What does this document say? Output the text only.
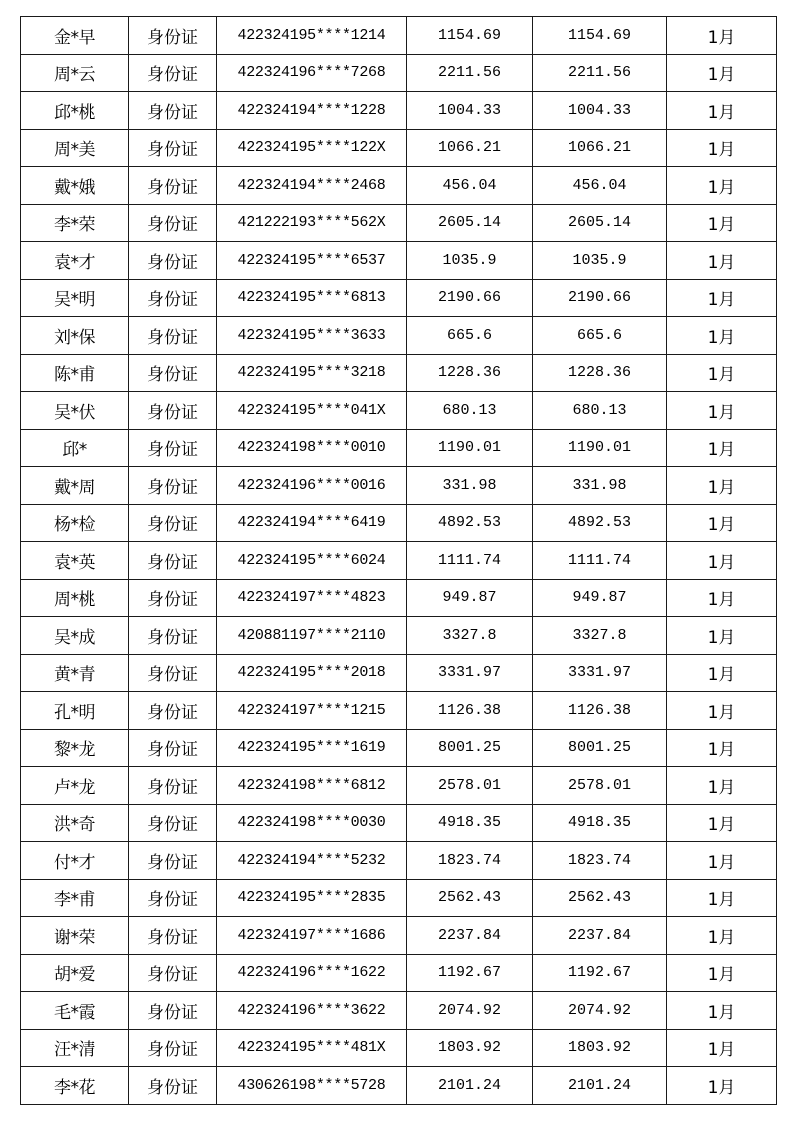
金*早	身份证	422324195****1214	1154.69	1154.69	1月
周*云	身份证	422324196****7268	2211.56	2211.56	1月
邱*桃	身份证	422324194****1228	1004.33	1004.33	1月
周*美	身份证	422324195****122X	1066.21	1066.21	1月
戴*娥	身份证	422324194****2468	456.04	456.04	1月
李*荣	身份证	421222193****562X	2605.14	2605.14	1月
袁*才	身份证	422324195****6537	1035.9	1035.9	1月
吴*明	身份证	422324195****6813	2190.66	2190.66	1月
刘*保	身份证	422324195****3633	665.6	665.6	1月
陈*甫	身份证	422324195****3218	1228.36	1228.36	1月
吴*伏	身份证	422324195****041X	680.13	680.13	1月
邱*	身份证	422324198****0010	1190.01	1190.01	1月
戴*周	身份证	422324196****0016	331.98	331.98	1月
杨*检	身份证	422324194****6419	4892.53	4892.53	1月
袁*英	身份证	422324195****6024	1111.74	1111.74	1月
周*桃	身份证	422324197****4823	949.87	949.87	1月
吴*成	身份证	420881197****2110	3327.8	3327.8	1月
黄*青	身份证	422324195****2018	3331.97	3331.97	1月
孔*明	身份证	422324197****1215	1126.38	1126.38	1月
黎*龙	身份证	422324195****1619	8001.25	8001.25	1月
卢*龙	身份证	422324198****6812	2578.01	2578.01	1月
洪*奇	身份证	422324198****0030	4918.35	4918.35	1月
付*才	身份证	422324194****5232	1823.74	1823.74	1月
李*甫	身份证	422324195****2835	2562.43	2562.43	1月
谢*荣	身份证	422324197****1686	2237.84	2237.84	1月
胡*爱	身份证	422324196****1622	1192.67	1192.67	1月
毛*霞	身份证	422324196****3622	2074.92	2074.92	1月
汪*清	身份证	422324195****481X	1803.92	1803.92	1月
李*花	身份证	430626198****5728	2101.24	2101.24	1月
